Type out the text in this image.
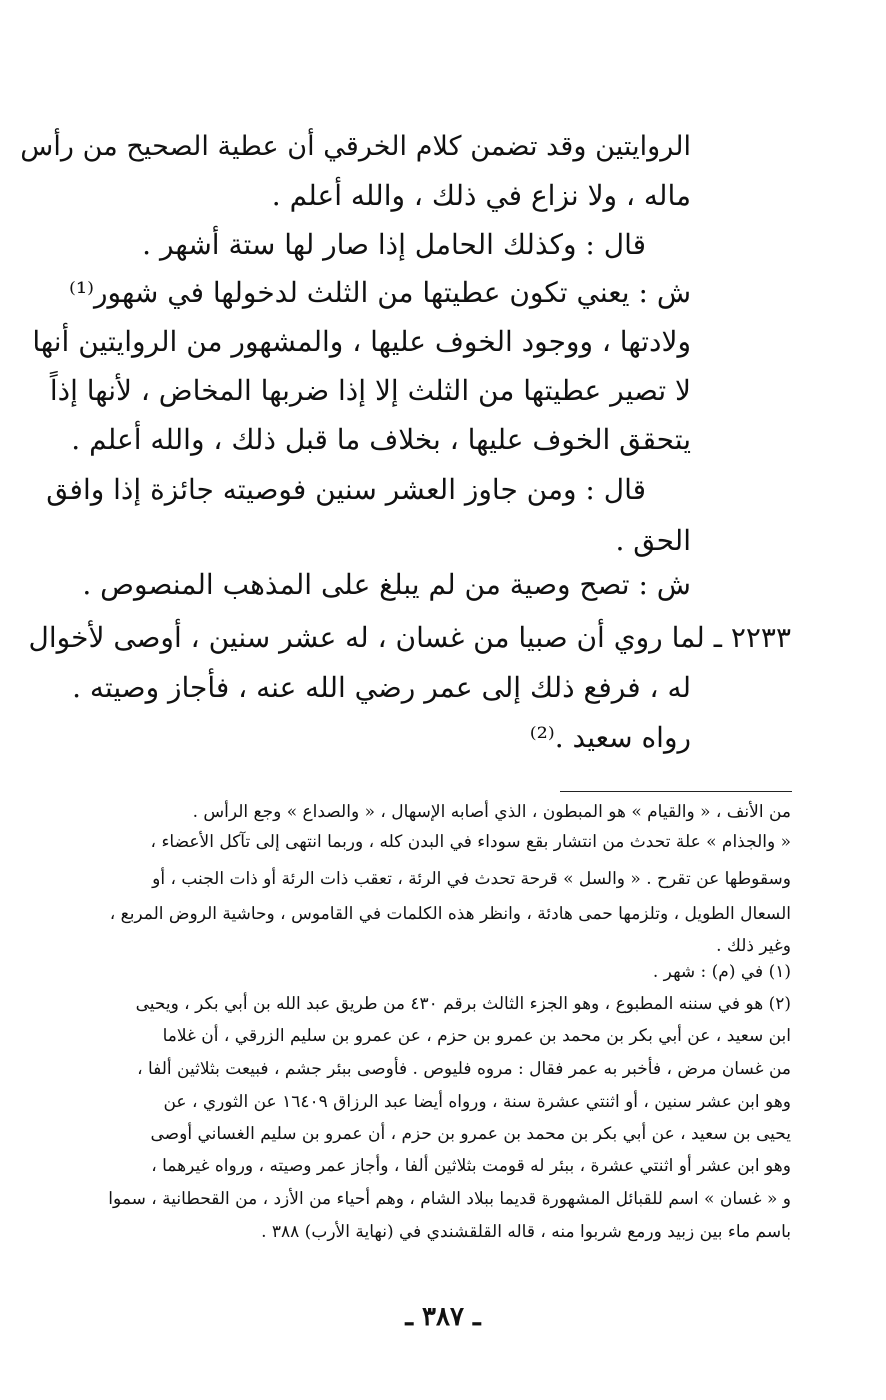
الروايتين وقد تضمن كلام الخرقي أن عطية الصحيح من رأس
ماله ، ولا نزاع في ذلك ، والله أعلم .
قال : وكذلك الحامل إذا صار لها ستة أشهر .
ش : يعني تكون عطيتها من الثلث لدخولها في شهور⁽¹⁾
ولادتها ، ووجود الخوف عليها ، والمشهور من الروايتين أنها
لا تصير عطيتها من الثلث إلا إذا ضربها المخاض ، لأنها إذاً
يتحقق الخوف عليها ، بخلاف ما قبل ذلك ، والله أعلم .
قال : ومن جاوز العشر سنين فوصيته جائزة إذا وافق
الحق .
ش : تصح وصية من لم يبلغ على المذهب المنصوص .
٢٢٣٣ ـ لما روي أن صبيا من غسان ، له عشر سنين ، أوصى لأخوال
له ، فرفع ذلك إلى عمر رضي الله عنه ، فأجاز وصيته .
رواه سعيد .⁽²⁾
من الأنف ، « والقيام » هو المبطون ، الذي أصابه الإسهال ، « والصداع » وجع الرأس .
« والجذام » علة تحدث من انتشار بقع سوداء في البدن كله ، وربما انتهى إلى تآكل الأعضاء ،
وسقوطها عن تقرح . « والسل » قرحة تحدث في الرئة ، تعقب ذات الرئة أو ذات الجنب ، أو
السعال الطويل ، وتلزمها حمى هادئة ، وانظر هذه الكلمات في القاموس ، وحاشية الروض المربع ،
وغير ذلك .
(١) في (م) : شهر .
(٢) هو في سننه المطبوع ، وهو الجزء الثالث برقم ٤٣٠ من طريق عبد الله بن أبي بكر ، ويحيى
ابن سعيد ، عن أبي بكر بن محمد بن عمرو بن حزم ، عن عمرو بن سليم الزرقي ، أن غلاما
من غسان مرض ، فأخبر به عمر فقال : مروه فليوص . فأوصى ببئر جشم ، فبيعت بثلاثين ألفا ،
وهو ابن عشر سنين ، أو اثنتي عشرة سنة ، ورواه أيضا عبد الرزاق ١٦٤٠٩ عن الثوري ، عن
يحيى بن سعيد ، عن أبي بكر بن محمد بن عمرو بن حزم ، أن عمرو بن سليم الغساني أوصى
وهو ابن عشر أو اثنتي عشرة ، ببئر له قومت بثلاثين ألفا ، وأجاز عمر وصيته ، ورواه غيرهما ،
و « غسان » اسم للقبائل المشهورة قديما ببلاد الشام ، وهم أحياء من الأزد ، من القحطانية ، سموا
باسم ماء بين زبيد ورمع شربوا منه ، قاله القلقشندي في (نهاية الأرب) ٣٨٨ .
ـ ٣٨٧ ـ
